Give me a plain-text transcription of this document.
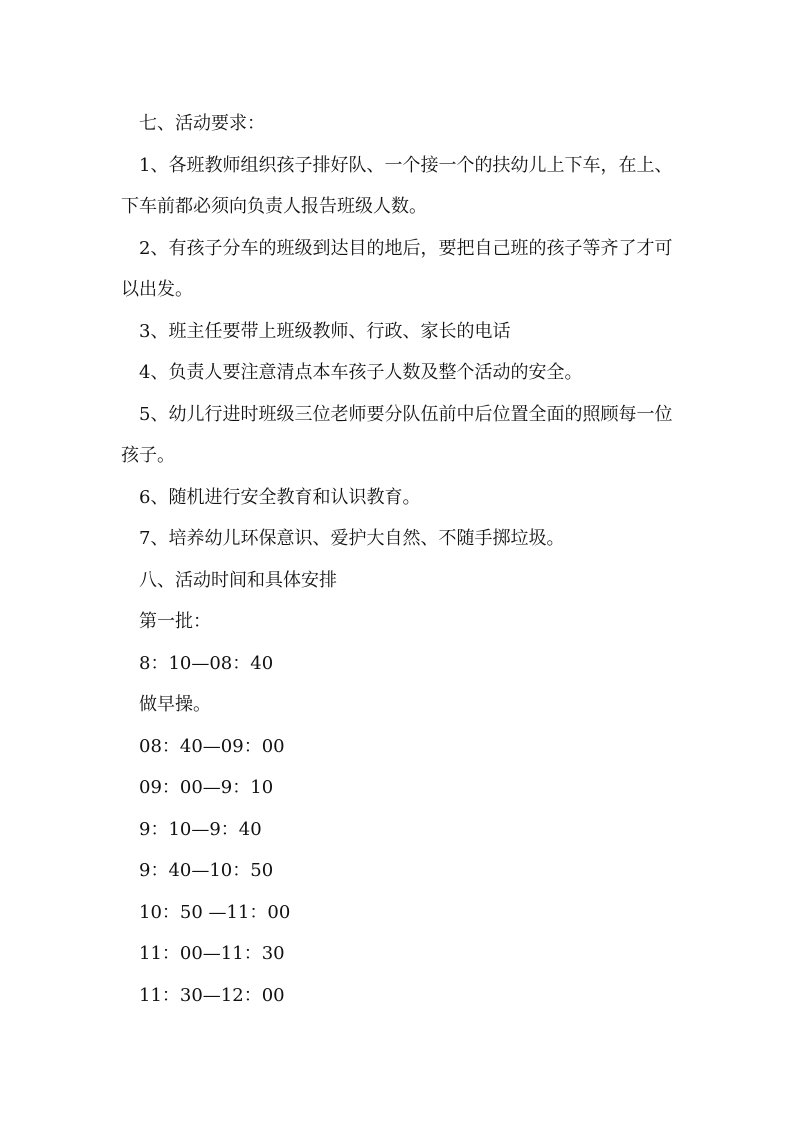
七、活动要求：

1、各班教师组织孩子排好队、一个接一个的扶幼儿上下车，在上、下车前都必须向负责人报告班级人数。

2、有孩子分车的班级到达目的地后，要把自己班的孩子等齐了才可以出发。

3、班主任要带上班级教师、行政、家长的电话

4、负责人要注意清点本车孩子人数及整个活动的安全。

5、幼儿行进时班级三位老师要分队伍前中后位置全面的照顾每一位孩子。

6、随机进行安全教育和认识教育。

7、培养幼儿环保意识、爱护大自然、不随手掷垃圾。

八、活动时间和具体安排

第一批：

8：10—08：40

做早操。

08：40—09：00

09：00—9：10

9：10—9：40

9：40—10：50

10：50 —11：00

11：00—11：30

11：30—12：00
